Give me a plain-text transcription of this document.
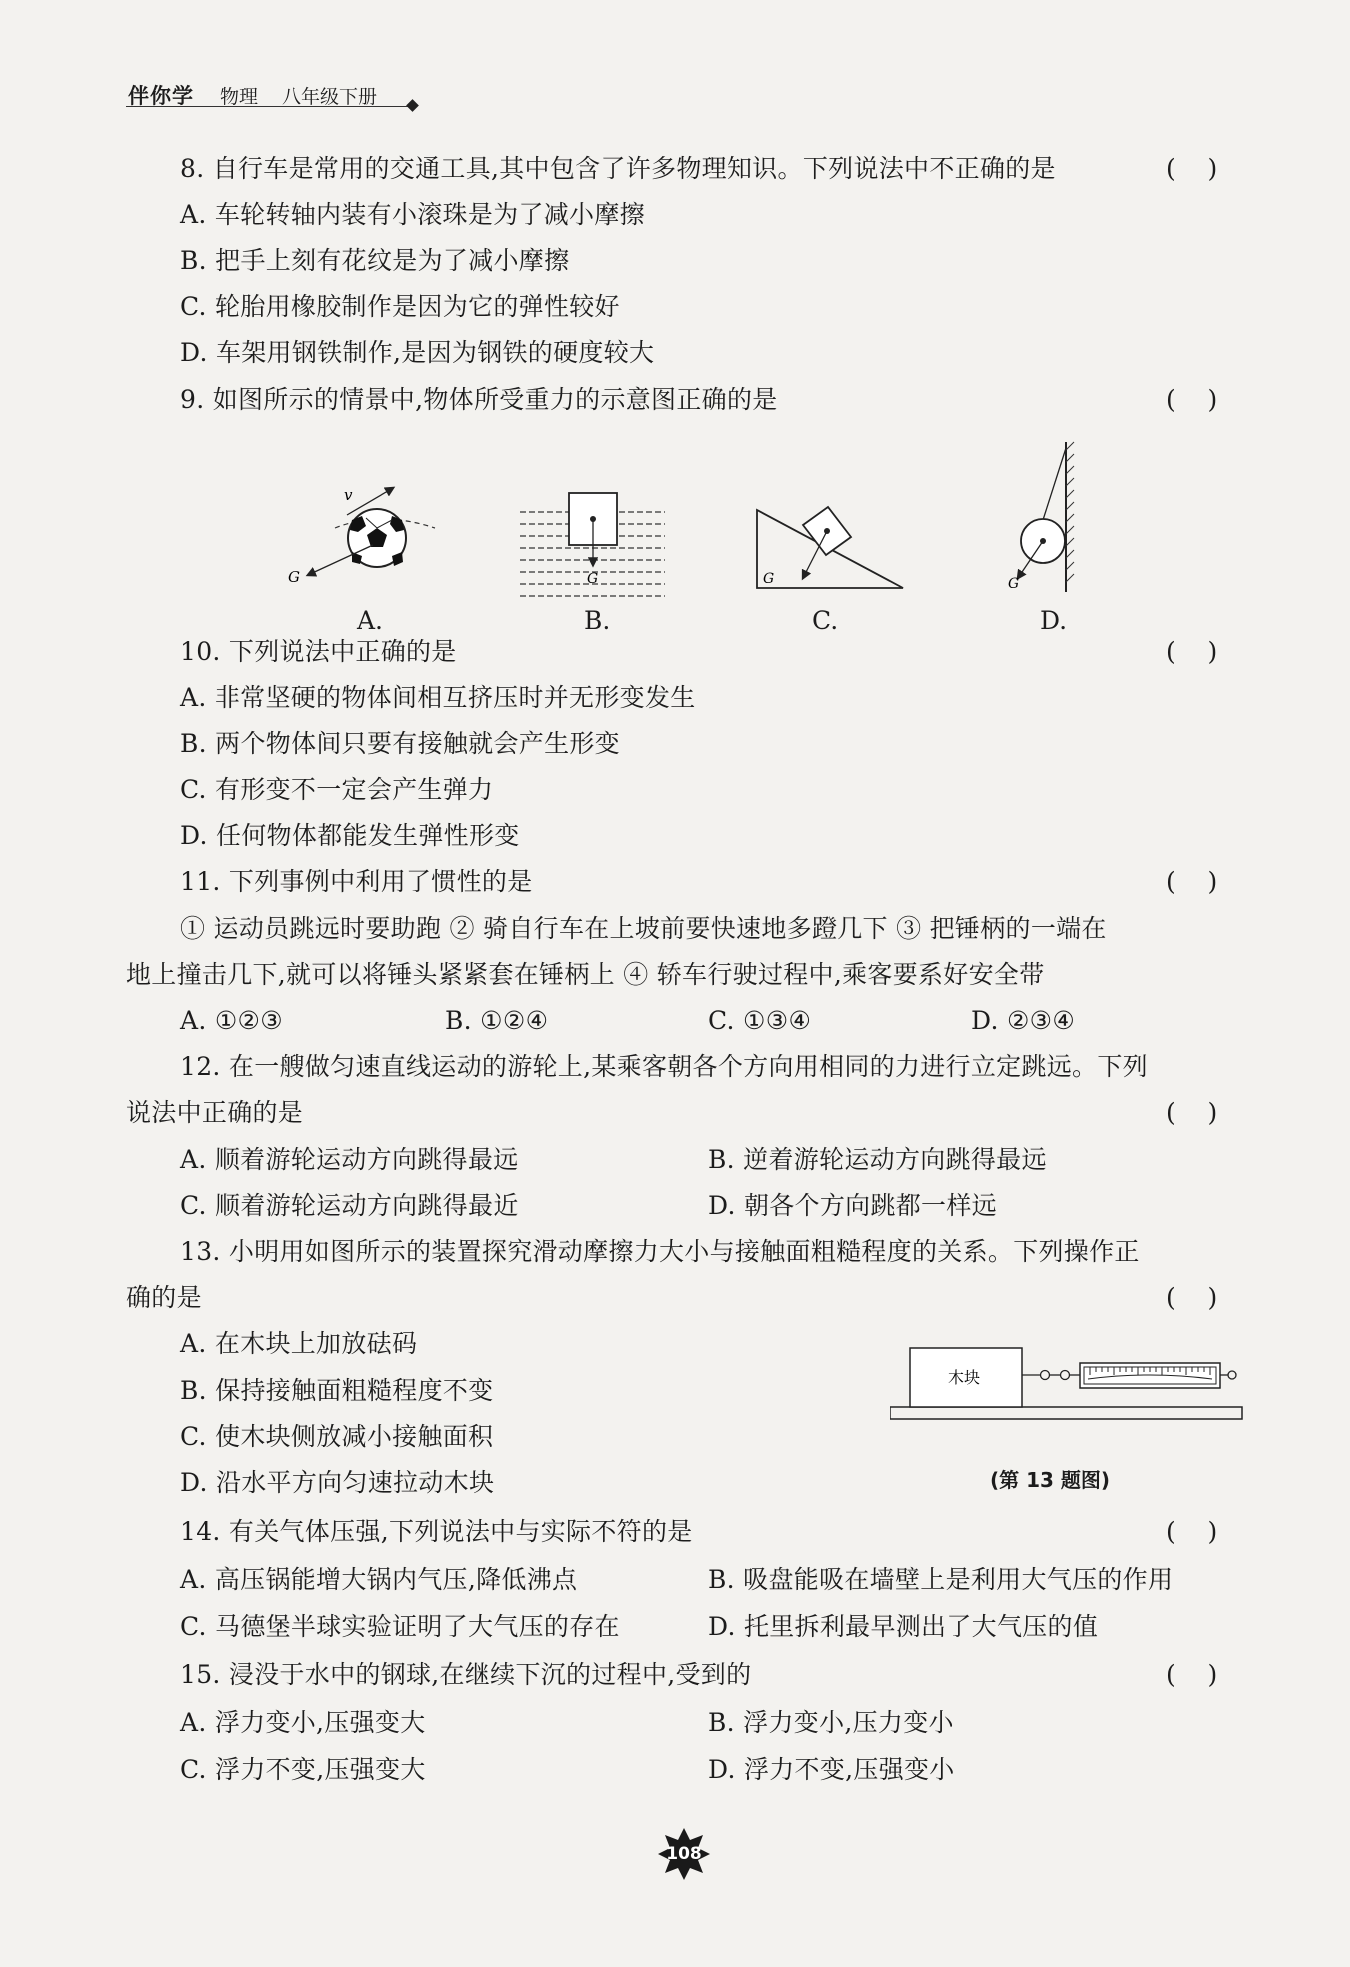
伴你学 物理 八年级下册
8. 自行车是常用的交通工具,其中包含了许多物理知识。下列说法中不正确的是	(    )
A. 车轮转轴内装有小滚珠是为了减小摩擦
B. 把手上刻有花纹是为了减小摩擦
C. 轮胎用橡胶制作是因为它的弹性较好
D. 车架用钢铁制作,是因为钢铁的硬度较大
9. 如图所示的情景中,物体所受重力的示意图正确的是	(    )
v
G	G	G	G
A.	B.	C.	D.
10. 下列说法中正确的是	(    )
A. 非常坚硬的物体间相互挤压时并无形变发生
B. 两个物体间只要有接触就会产生形变
C. 有形变不一定会产生弹力
D. 任何物体都能发生弹性形变
11. 下列事例中利用了惯性的是	(    )
① 运动员跳远时要助跑 ② 骑自行车在上坡前要快速地多蹬几下 ③ 把锤柄的一端在
地上撞击几下,就可以将锤头紧紧套在锤柄上 ④ 轿车行驶过程中,乘客要系好安全带
A. ①②③	B. ①②④	C. ①③④	D. ②③④
12. 在一艘做匀速直线运动的游轮上,某乘客朝各个方向用相同的力进行立定跳远。下列
说法中正确的是	(    )
A. 顺着游轮运动方向跳得最远	B. 逆着游轮运动方向跳得最远
C. 顺着游轮运动方向跳得最近	D. 朝各个方向跳都一样远
13. 小明用如图所示的装置探究滑动摩擦力大小与接触面粗糙程度的关系。下列操作正
确的是	(    )
A. 在木块上加放砝码
B. 保持接触面粗糙程度不变
C. 使木块侧放减小接触面积
D. 沿水平方向匀速拉动木块
木块
(第 13 题图)
14. 有关气体压强,下列说法中与实际不符的是	(    )
A. 高压锅能增大锅内气压,降低沸点	B. 吸盘能吸在墙壁上是利用大气压的作用
C. 马德堡半球实验证明了大气压的存在	D. 托里拆利最早测出了大气压的值
15. 浸没于水中的钢球,在继续下沉的过程中,受到的	(    )
A. 浮力变小,压强变大	B. 浮力变小,压力变小
C. 浮力不变,压强变大	D. 浮力不变,压强变小
108
